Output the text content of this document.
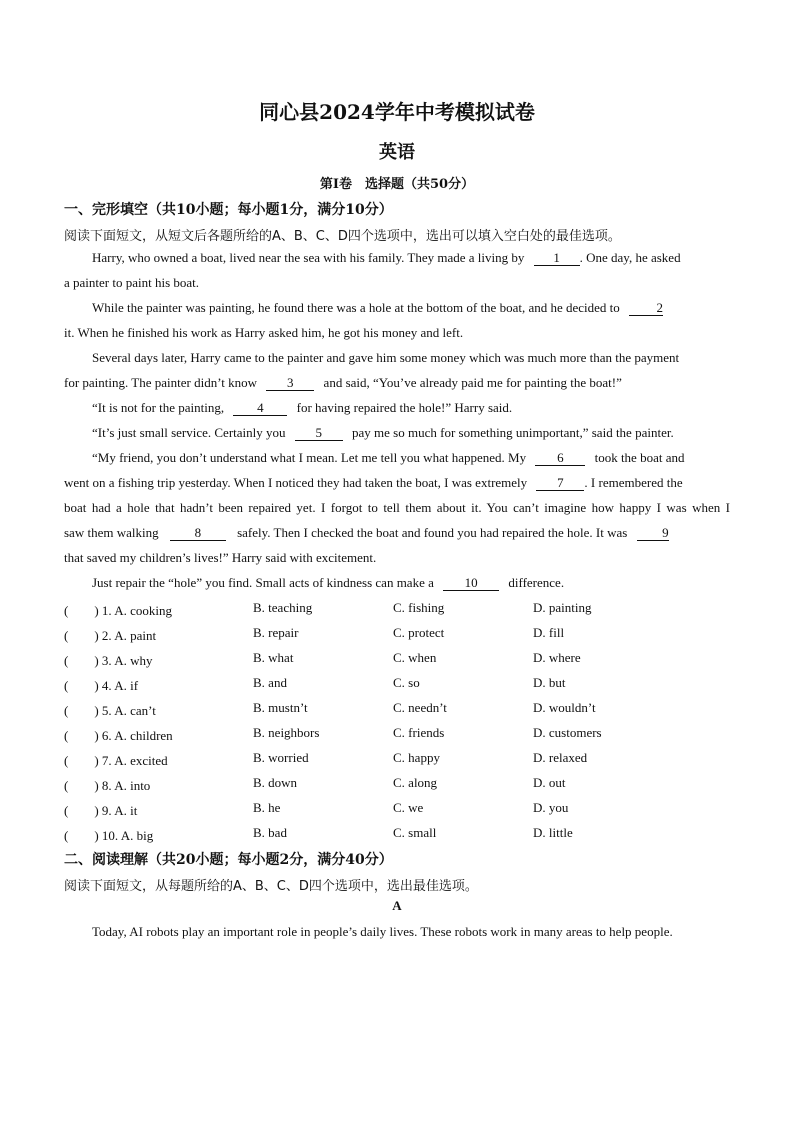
同心县2024学年中考模拟试卷
英语
第Ⅰ卷　选择题（共50分）
一、完形填空（共10小题；每小题1分，满分10分）
阅读下面短文，从短文后各题所给的A、B、C、D四个选项中，选出可以填入空白处的最佳选项。
Harry, who owned a boat, lived near the sea with his family. They made a living by 1 . One day, he asked
a painter to paint his boat.
While the painter was painting, he found there was a hole at the bottom of the boat, and he decided to	2
it. When he finished his work as Harry asked him, he got his money and left.
Several days later, Harry came to the painter and gave him some money which was much more than the payment
for painting. The painter didn’t know 3 and said, “You’ve already paid me for painting the boat!”
“It is not for the painting,	4	for having repaired the hole!” Harry said.
“It’s just small service. Certainly you 5 pay me so much for something unimportant,” said the painter.
“My friend, you don’t understand what I mean. Let me tell you what happened. My 6 took the boat and
went on a fishing trip yesterday. When I noticed they had taken the boat, I was extremely 7 . I remembered the
boat had a hole that hadn’t been repaired yet. I forgot to tell them about it. You can’t imagine how happy I was when I
saw them walking	8	safely. Then I checked the boat and found you had repaired the hole. It was	9
that saved my children’s lives!” Harry said with excitement.
Just repair the “hole” you find. Small acts of kindness can make a 10 difference.
(　　) 1. A. cooking	B. teaching	C. fishing	D. painting
(　　) 2. A. paint	B. repair	C. protect	D. fill
(　　) 3. A. why	B. what	C. when	D. where
(　　) 4. A. if	B. and	C. so	D. but
(　　) 5. A. can’t	B. mustn’t	C. needn’t	D. wouldn’t
(　　) 6. A. children	B. neighbors	C. friends	D. customers
(　　) 7. A. excited	B. worried	C. happy	D. relaxed
(　　) 8. A. into	B. down	C. along	D. out
(　　) 9. A. it	B. he	C. we	D. you
(　　) 10. A. big	B. bad	C. small	D. little
二、阅读理解（共20小题；每小题2分，满分40分）
阅读下面短文，从每题所给的A、B、C、D四个选项中，选出最佳选项。
A
Today, AI robots play an important role in people’s daily lives. These robots work in many areas to help people.
